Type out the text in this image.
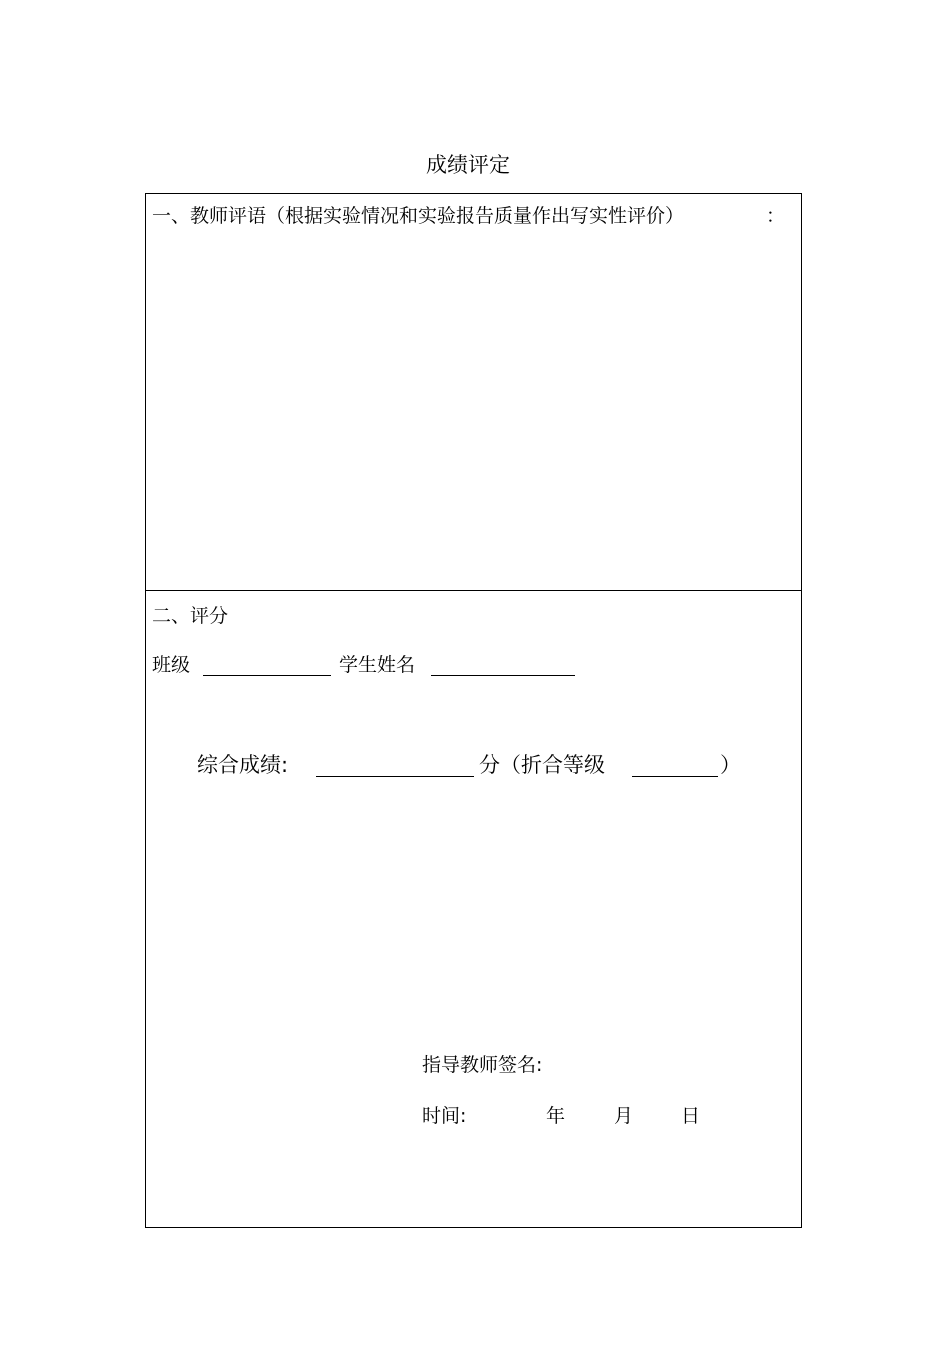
成绩评定
一、教师评语（根据实验情况和实验报告质量作出写实性评价）	：
二、评分
班级	学生姓名
综合成绩:	分（折合等级	）
指导教师签名:
时间:	年	月	日
